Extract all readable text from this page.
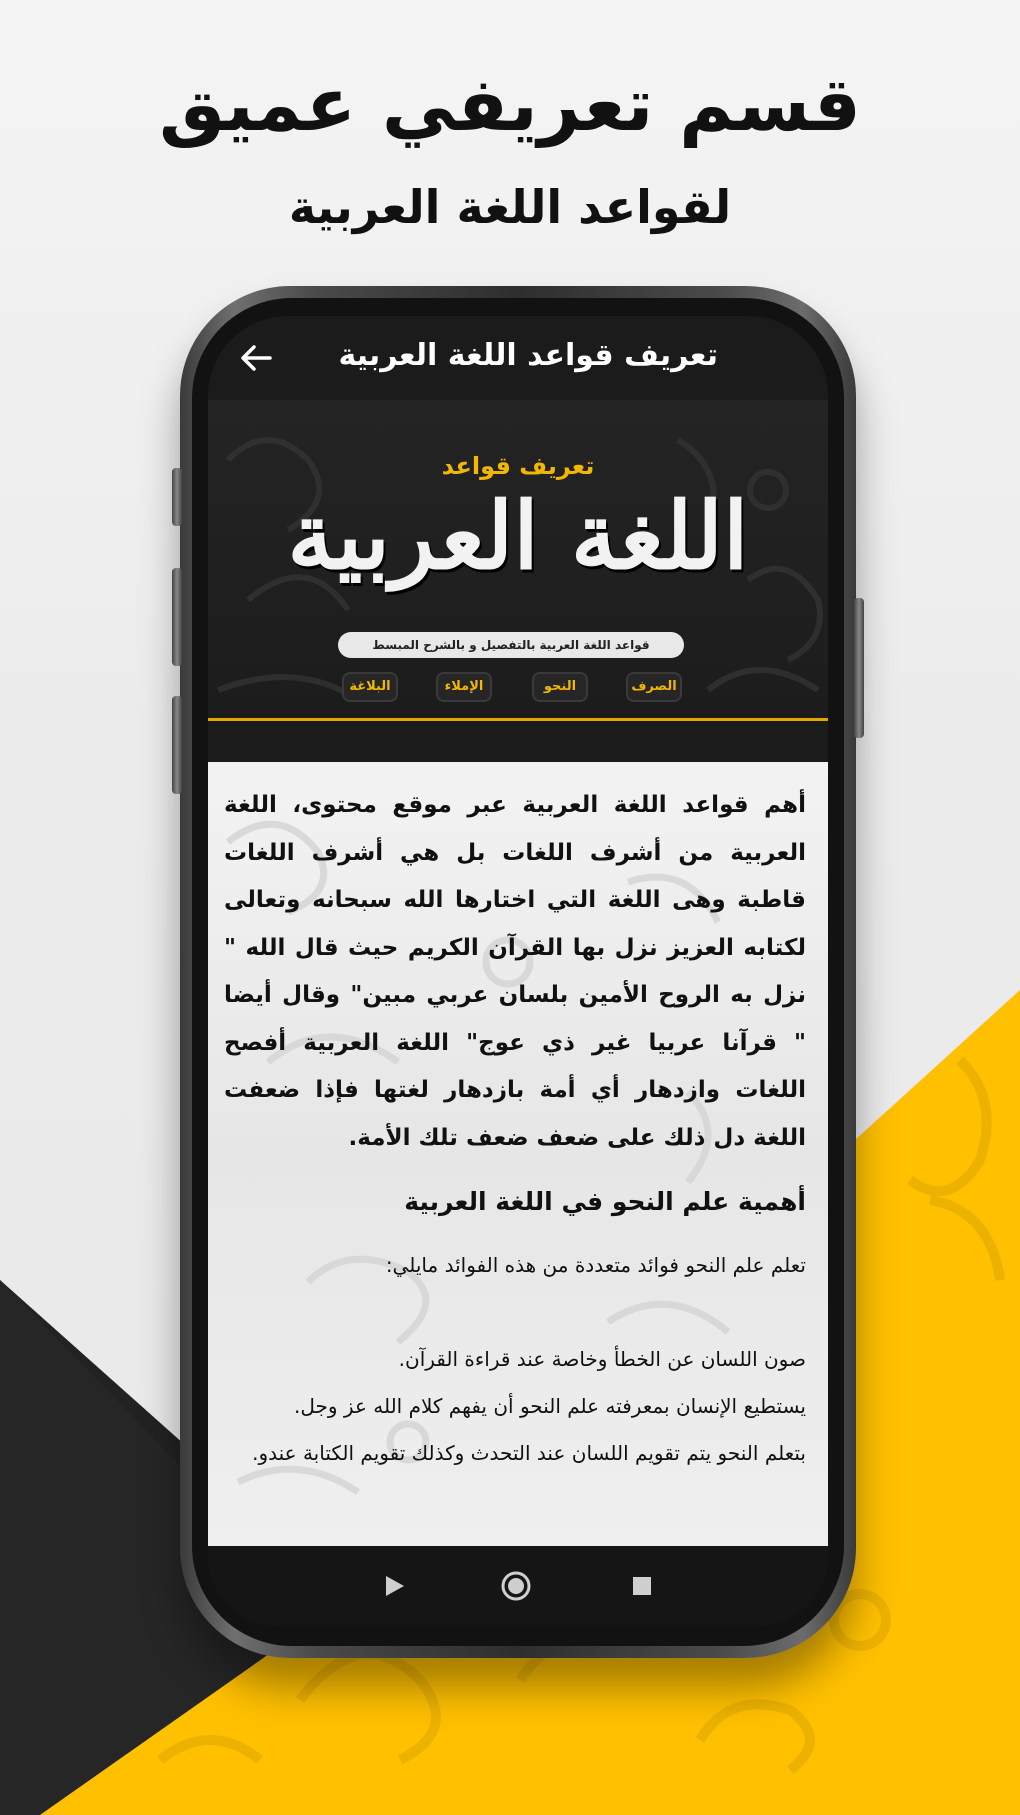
قسم تعريفي عميق
لقواعد اللغة العربية
تعريف قواعد اللغة العربية
تعريف قواعد
اللغة العربية
قواعد اللغة العربية بالتفصيل و بالشرح المبسط
الصرف
النحو
الإملاء
البلاغة

أهم قواعد اللغة العربية عبر موقع محتوى، اللغة العربية من أشرف اللغات بل هي أشرف اللغات قاطبة وهى اللغة التي اختارها الله سبحانه وتعالى لكتابه العزيز نزل بها القرآن الكريم حيث قال الله " نزل به الروح الأمين بلسان عربي مبين" وقال أيضا " قرآنا عربيا غير ذي عوج" اللغة العربية أفصح اللغات وازدهار أي أمة بازدهار لغتها فإذا ضعفت اللغة دل ذلك على ضعف ضعف تلك الأمة.

أهمية علم النحو في اللغة العربية

تعلم علم النحو فوائد متعددة من هذه الفوائد مايلي:

صون اللسان عن الخطأ وخاصة عند قراءة القرآن.

يستطيع الإنسان بمعرفته علم النحو أن يفهم كلام الله عز وجل.

بتعلم النحو يتم تقويم اللسان عند التحدث وكذلك تقويم الكتابة عندو.
